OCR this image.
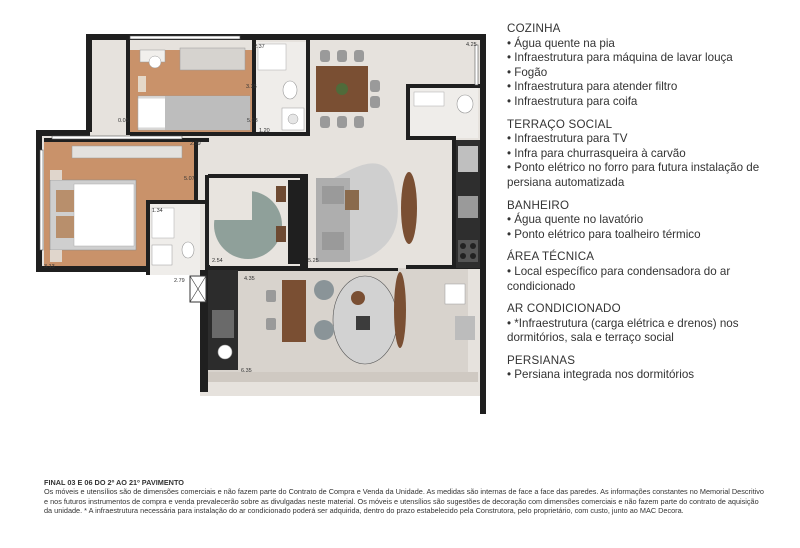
2.37	4.25
3.35
0.05
1.20
5.03
2.39
5.07
1.34
3.13
2.54	5.25
4.35
2.79
6.35
COZINHA
• Água quente na pia
• Infraestrutura para máquina de lavar louça
• Fogão
• Infraestrutura para atender filtro
• Infraestrutura para coifa
TERRAÇO SOCIAL
• Infraestrutura para TV
• Infra para churrasqueira à carvão
• Ponto elétrico no forro para futura instalação de persiana automatizada
BANHEIRO
• Água quente no lavatório
• Ponto elétrico para toalheiro térmico
ÁREA TÉCNICA
• Local específico para condensadora do ar condicionado
AR CONDICIONADO
• *Infraestrutura (carga elétrica e drenos) nos dormitórios, sala e terraço social
PERSIANAS
• Persiana integrada nos dormitórios
FINAL 03 E 06 DO 2º AO 21º PAVIMENTO
Os móveis e utensílios são de dimensões comerciais e não fazem parte do Contrato de Compra e Venda da Unidade. As medidas são internas de face a face das paredes. As informações constantes no Memorial Descritivo e nos futuros instrumentos de compra e venda prevalecerão sobre as divulgadas neste material. Os móveis e utensílios são sugestões de decoração com dimensões comerciais e não fazem parte do contrato de aquisição da unidade. * A infraestrutura necessária para instalação do ar condicionado poderá ser adquirida, dentro do prazo estabelecido pela Construtora, pelo proprietário, com custo, junto ao MAC Decora.
